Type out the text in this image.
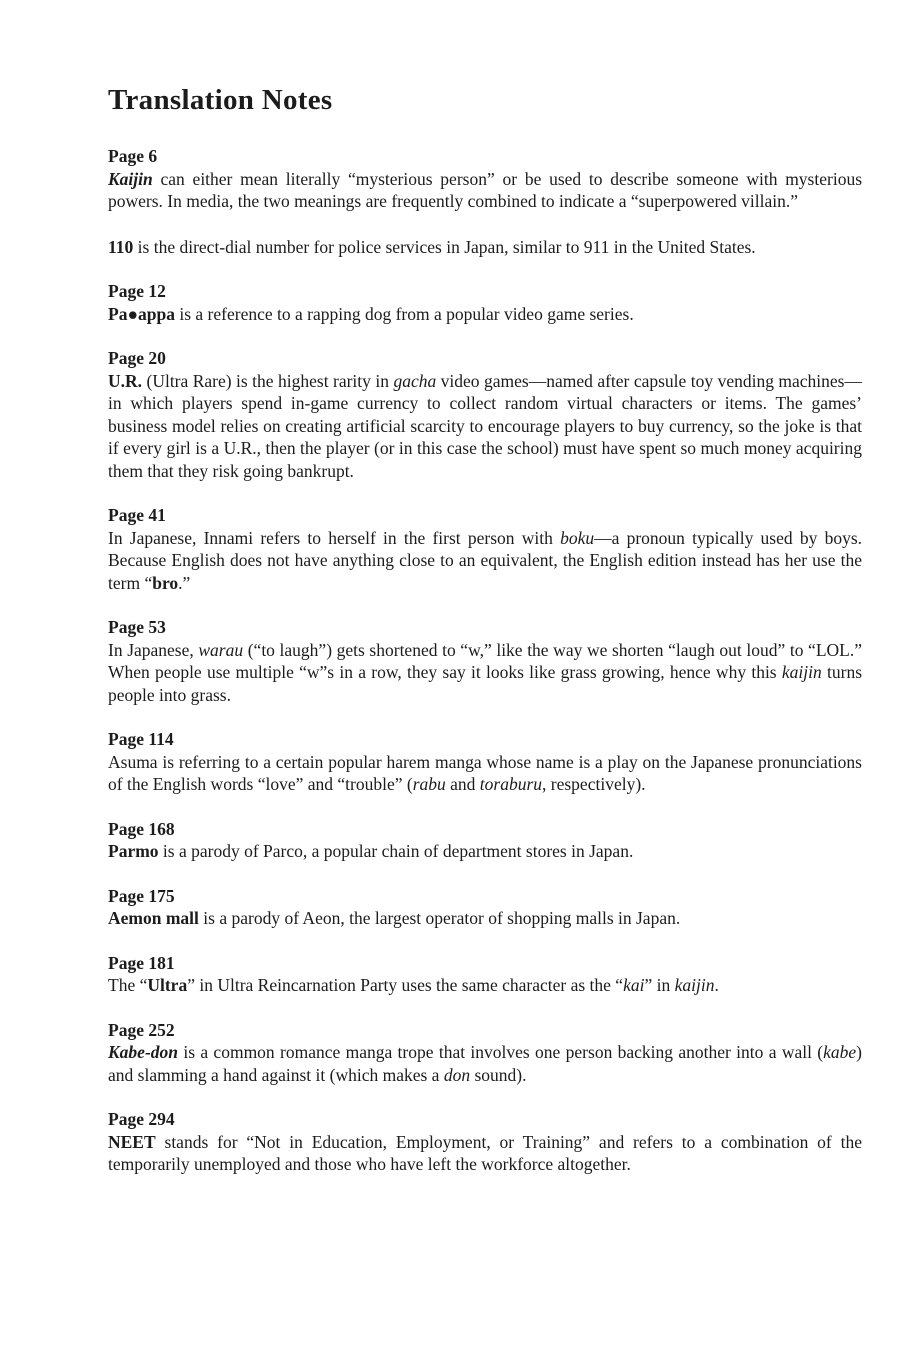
Translation Notes
Page 6

Kaijin can either mean literally “mysterious person” or be used to describe someone with mysterious powers. In media, the two meanings are frequently combined to indicate a “superpowered villain.”

110 is the direct-dial number for police services in Japan, similar to 911 in the United States.

Page 12

Pa●appa is a reference to a rapping dog from a popular video game series.

Page 20

U.R. (Ultra Rare) is the highest rarity in gacha video games—named after capsule toy vending machines—in which players spend in-game currency to collect random virtual characters or items. The games’ business model relies on creating artificial scarcity to encourage players to buy currency, so the joke is that if every girl is a U.R., then the player (or in this case the school) must have spent so much money acquiring them that they risk going bankrupt.

Page 41

In Japanese, Innami refers to herself in the first person with boku—a pronoun typically used by boys. Because English does not have anything close to an equivalent, the English edition instead has her use the term “bro.”

Page 53

In Japanese, warau (“to laugh”) gets shortened to “w,” like the way we shorten “laugh out loud” to “LOL.” When people use multiple “w”s in a row, they say it looks like grass growing, hence why this kaijin turns people into grass.

Page 114

Asuma is referring to a certain popular harem manga whose name is a play on the Japanese pronunciations of the English words “love” and “trouble” (rabu and toraburu, respectively).

Page 168

Parmo is a parody of Parco, a popular chain of department stores in Japan.

Page 175

Aemon mall is a parody of Aeon, the largest operator of shopping malls in Japan.

Page 181

The “Ultra” in Ultra Reincarnation Party uses the same character as the “kai” in kaijin.

Page 252

Kabe-don is a common romance manga trope that involves one person backing another into a wall (kabe) and slamming a hand against it (which makes a don sound).

Page 294

NEET stands for “Not in Education, Employment, or Training” and refers to a combination of the temporarily unemployed and those who have left the workforce altogether.
